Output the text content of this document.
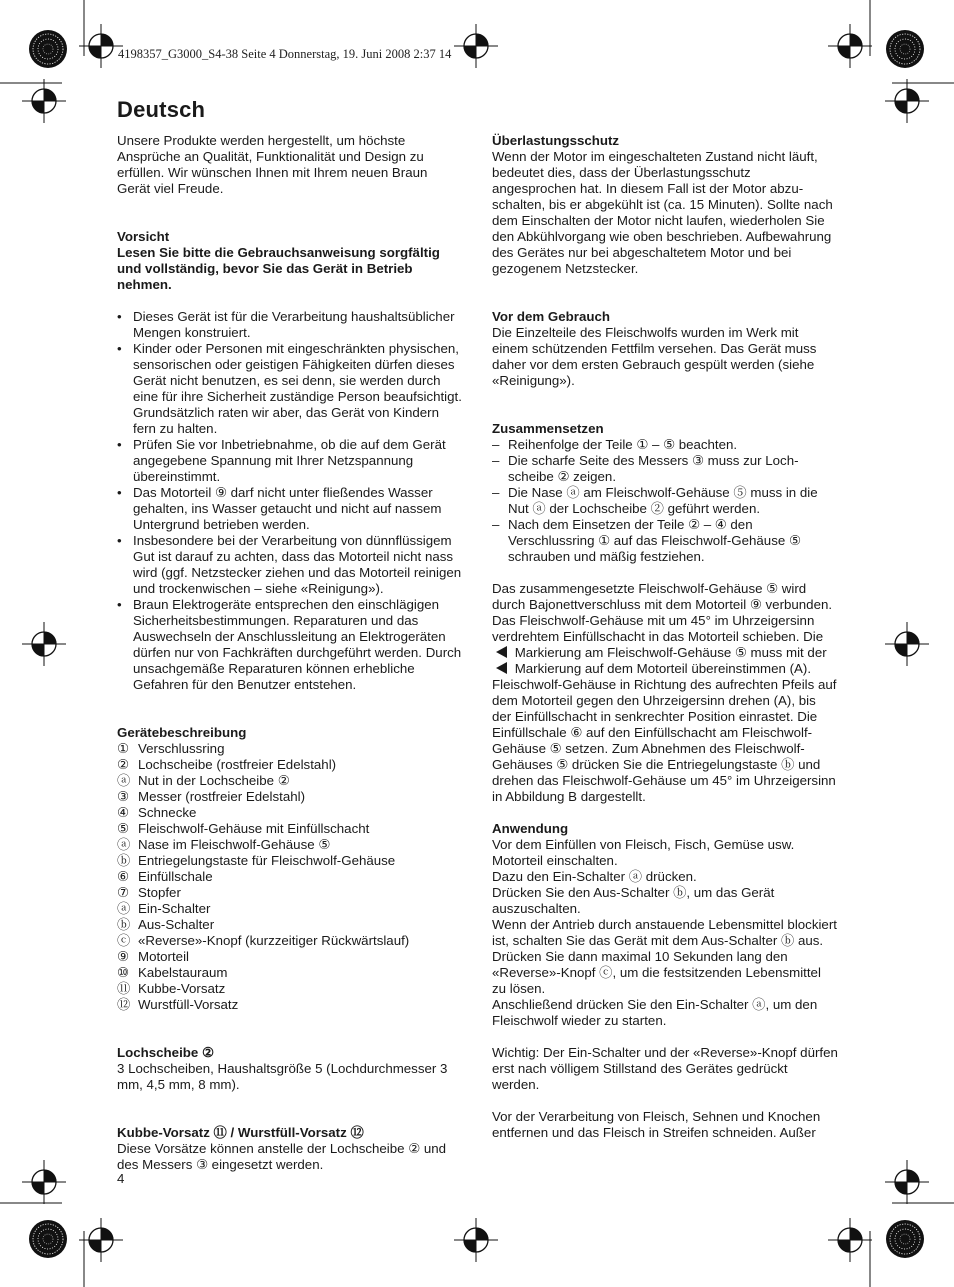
4198357_G3000_S4-38 Seite 4 Donnerstag, 19. Juni 2008 2:37 14
Deutsch

Unsere Produkte werden hergestellt, um höchste Ansprüche an Qualität, Funktionalität und Design zu erfüllen. Wir wünschen Ihnen mit Ihrem neuen Braun Gerät viel Freude.

Vorsicht

Lesen Sie bitte die Gebrauchsanweisung sorgfältig und vollständig, bevor Sie das Gerät in Betrieb nehmen.

• Dieses Gerät ist für die Verarbeitung haushaltsüblicher Mengen konstruiert.
• Kinder oder Personen mit eingeschränkten physischen, sensorischen oder geistigen Fähigkeiten dürfen dieses Gerät nicht benutzen, es sei denn, sie werden durch eine für ihre Sicherheit zuständige Person beaufsichtigt. Grundsätzlich raten wir aber, das Gerät von Kindern fern zu halten.
• Prüfen Sie vor Inbetriebnahme, ob die auf dem Gerät angegebene Spannung mit Ihrer Netzspannung übereinstimmt.
• Das Motorteil ⑨ darf nicht unter fließendes Wasser gehalten, ins Wasser getaucht und nicht auf nassem Untergrund betrieben werden.
• Insbesondere bei der Verarbeitung von dünnflüssigem Gut ist darauf zu achten, dass das Motorteil nicht nass wird (ggf. Netzstecker ziehen und das Motorteil reinigen und trockenwischen – siehe «Reinigung»).
• Braun Elektrogeräte entsprechen den einschlägigen Sicherheitsbestimmungen. Reparaturen und das Auswechseln der Anschlussleitung an Elektrogeräten dürfen nur von Fachkräften durchgeführt werden. Durch unsachgemäße Reparaturen können erhebliche Gefahren für den Benutzer entstehen.

Gerätebeschreibung

① Verschlussring
② Lochscheibe (rostfreier Edelstahl)
ⓐ Nut in der Lochscheibe ②
③ Messer (rostfreier Edelstahl)
④ Schnecke
⑤ Fleischwolf-Gehäuse mit Einfüllschacht
ⓐ Nase im Fleischwolf-Gehäuse ⑤
ⓑ Entriegelungstaste für Fleischwolf-Gehäuse
⑥ Einfüllschale
⑦ Stopfer
ⓐ Ein-Schalter
ⓑ Aus-Schalter
ⓒ «Reverse»-Knopf (kurzzeitiger Rückwärtslauf)
⑨ Motorteil
⑩ Kabelstauraum
⑪ Kubbe-Vorsatz
⑫ Wurstfüll-Vorsatz

Lochscheibe ②

3 Lochscheiben, Haushaltsgröße 5 (Lochdurchmesser 3 mm, 4,5 mm, 8 mm).

Kubbe-Vorsatz ⑪ / Wurstfüll-Vorsatz ⑫

Diese Vorsätze können anstelle der Lochscheibe ② und des Messers ③ eingesetzt werden.

Überlastungsschutz

Wenn der Motor im eingeschalteten Zustand nicht läuft, bedeutet dies, dass der Überlastungsschutz angesprochen hat. In diesem Fall ist der Motor abzuschalten, bis er abgekühlt ist (ca. 15 Minuten). Sollte nach dem Einschalten der Motor nicht laufen, wiederholen Sie den Abkühlvorgang wie oben beschrieben. Aufbewahrung des Gerätes nur bei abgeschaltetem Motor und bei gezogenem Netzstecker.

Vor dem Gebrauch

Die Einzelteile des Fleischwolfs wurden im Werk mit einem schützenden Fettfilm versehen. Das Gerät muss daher vor dem ersten Gebrauch gespült werden (siehe «Reinigung»).

Zusammensetzen

– Reihenfolge der Teile ① – ⑤ beachten.
– Die scharfe Seite des Messers ③ muss zur Lochscheibe ② zeigen.
– Die Nase ⓐ am Fleischwolf-Gehäuse ⑤ muss in die Nut ⓐ der Lochscheibe ② geführt werden.
– Nach dem Einsetzen der Teile ② – ④ den Verschlussring ① auf das Fleischwolf-Gehäuse ⑤ schrauben und mäßig festziehen.

Das zusammengesetzte Fleischwolf-Gehäuse ⑤ wird durch Bajonettverschluss mit dem Motorteil ⑨ verbunden. Das Fleischwolf-Gehäuse mit um 45° im Uhrzeigersinn verdrehtem Einfüllschacht in das Motorteil schieben. Die  Markierung am Fleischwolf-Gehäuse ⑤ muss mit der  Markierung auf dem Motorteil übereinstimmen (A). Fleischwolf-Gehäuse in Richtung des aufrechten Pfeils auf dem Motorteil gegen den Uhrzeigersinn drehen (A), bis der Einfüllschacht in senkrechter Position einrastet. Die Einfüllschale ⑥ auf den Einfüllschacht am Fleischwolf-Gehäuse ⑤ setzen. Zum Abnehmen des Fleischwolf-Gehäuses ⑤ drücken Sie die Entriegelungstaste ⓑ und drehen das Fleischwolf-Gehäuse um 45° im Uhrzeigersinn in Abbildung B dargestellt.

Anwendung

Vor dem Einfüllen von Fleisch, Fisch, Gemüse usw. Motorteil einschalten.

Dazu den Ein-Schalter ⓐ drücken.

Drücken Sie den Aus-Schalter ⓑ, um das Gerät auszuschalten.

Wenn der Antrieb durch anstauende Lebensmittel blockiert ist, schalten Sie das Gerät mit dem Aus-Schalter ⓑ aus. Drücken Sie dann maximal 10 Sekunden lang den «Reverse»-Knopf ⓒ, um die festsitzenden Lebensmittel zu lösen.

Anschließend drücken Sie den Ein-Schalter ⓐ, um den Fleischwolf wieder zu starten.

Wichtig: Der Ein-Schalter und der «Reverse»-Knopf dürfen erst nach völligem Stillstand des Gerätes gedrückt werden.

Vor der Verarbeitung von Fleisch, Sehnen und Knochen entfernen und das Fleisch in Streifen schneiden. Außer

4
